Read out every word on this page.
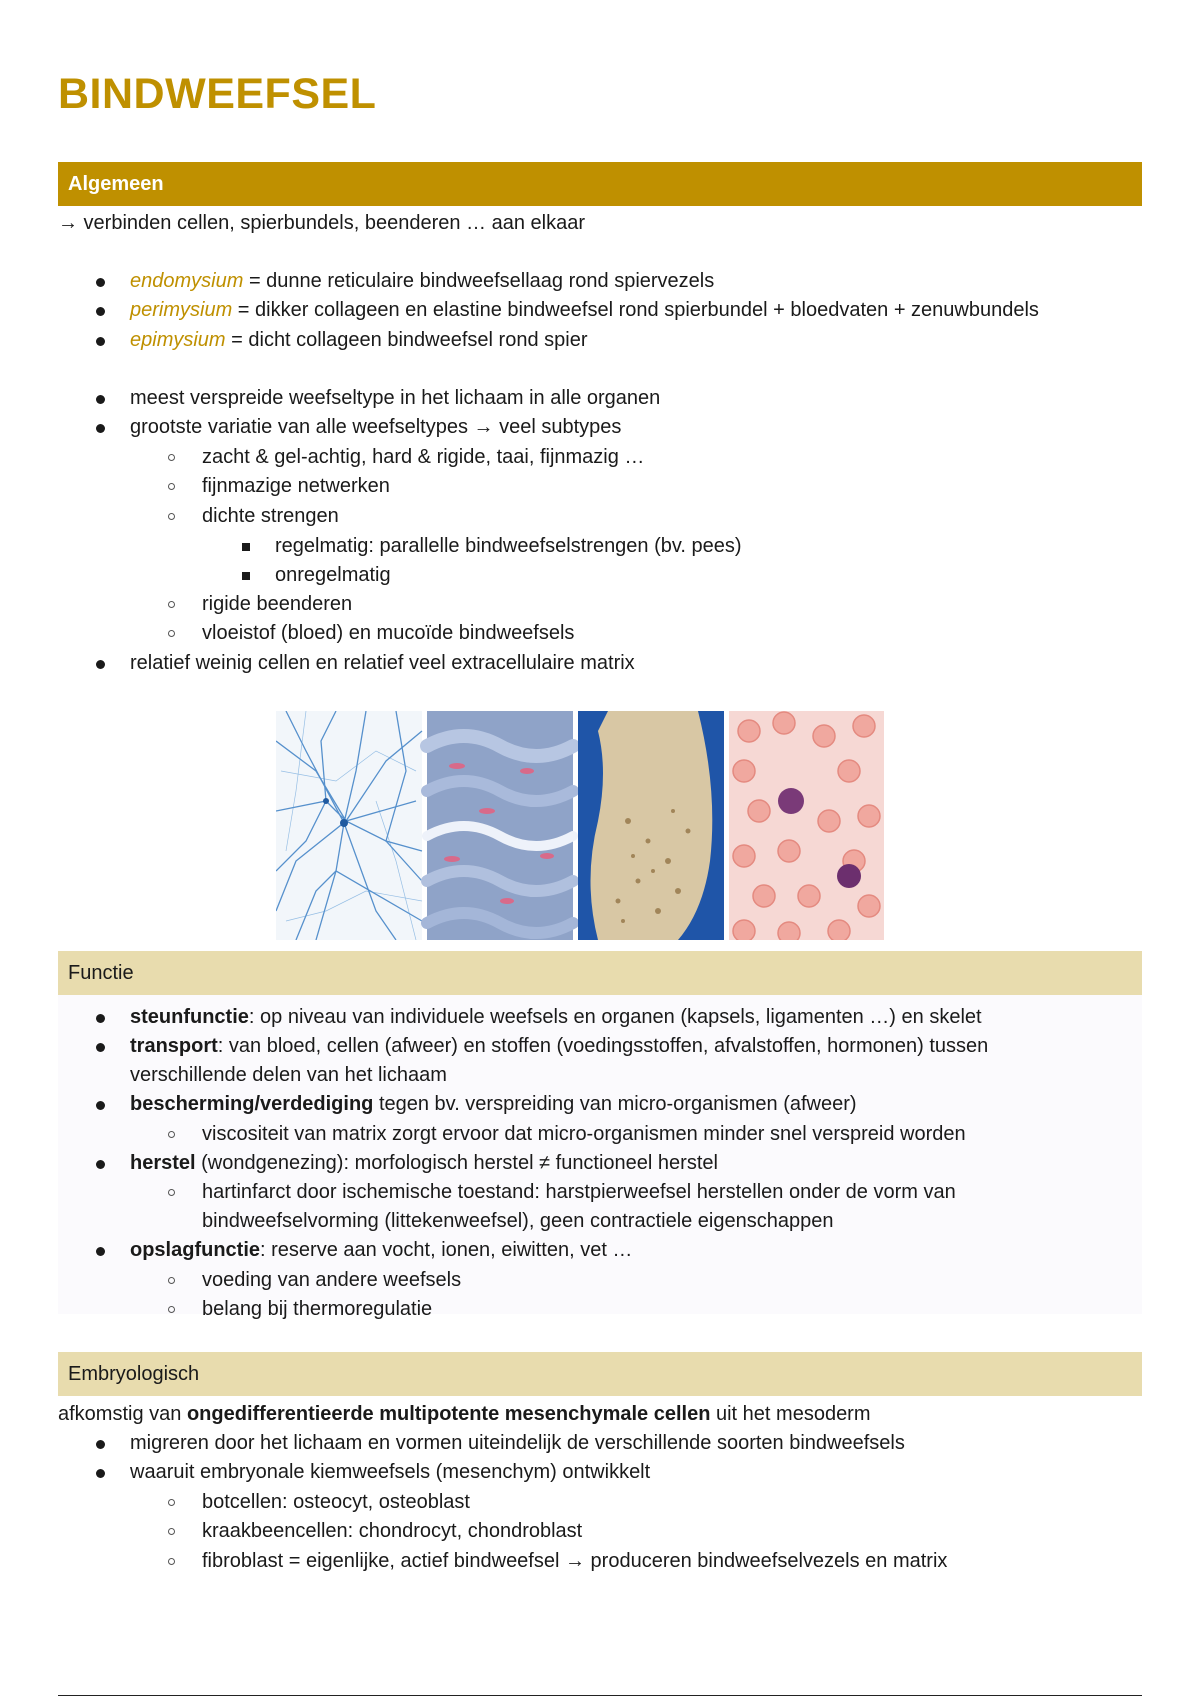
BINDWEEFSEL
Algemeen
→ verbinden cellen, spierbundels, beenderen … aan elkaar
endomysium = dunne reticulaire bindweefsellaag rond spiervezels
perimysium = dikker collageen en elastine bindweefsel rond spierbundel + bloedvaten + zenuwbundels
epimysium = dicht collageen bindweefsel rond spier
meest verspreide weefseltype in het lichaam in alle organen
grootste variatie van alle weefseltypes → veel subtypes
zacht & gel-achtig, hard & rigide, taai, fijnmazig …
fijnmazige netwerken
dichte strengen
regelmatig: parallelle bindweefselstrengen (bv. pees)
onregelmatig
rigide beenderen
vloeistof (bloed) en mucoïde bindweefsels
relatief weinig cellen en relatief veel extracellulaire matrix
Functie
steunfunctie: op niveau van individuele weefsels en organen (kapsels, ligamenten …) en skelet
transport: van bloed, cellen (afweer) en stoffen (voedingsstoffen, afvalstoffen, hormonen) tussen
verschillende delen van het lichaam
bescherming/verdediging tegen bv. verspreiding van micro-organismen (afweer)
viscositeit van matrix zorgt ervoor dat micro-organismen minder snel verspreid worden
herstel (wondgenezing): morfologisch herstel ≠ functioneel herstel
hartinfarct door ischemische toestand: harstpierweefsel herstellen onder de vorm van
bindweefselvorming (littekenweefsel), geen contractiele eigenschappen
opslagfunctie: reserve aan vocht, ionen, eiwitten, vet …
voeding van andere weefsels
belang bij thermoregulatie
Embryologisch
afkomstig van ongedifferentieerde multipotente mesenchymale cellen uit het mesoderm
migreren door het lichaam en vormen uiteindelijk de verschillende soorten bindweefsels
waaruit embryonale kiemweefsels (mesenchym) ontwikkelt
botcellen: osteocyt, osteoblast
kraakbeencellen: chondrocyt, chondroblast
fibroblast = eigenlijke, actief bindweefsel → produceren bindweefselvezels en matrix
